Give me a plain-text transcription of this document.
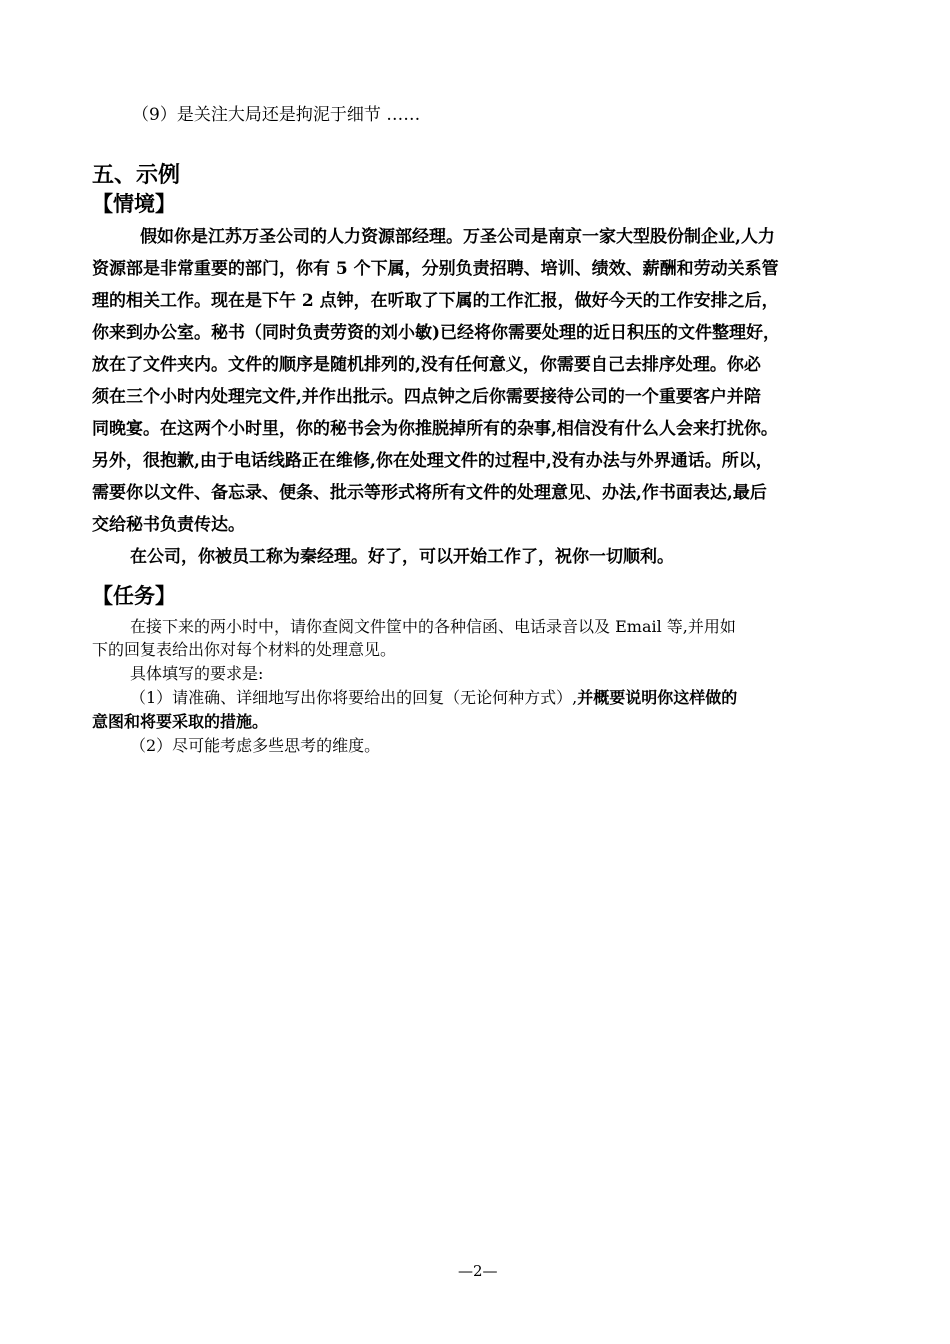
（9）是关注大局还是拘泥于细节 ……
五、示例
【情境】
假如你是江苏万圣公司的人力资源部经理。万圣公司是南京一家大型股份制企业,人力
资源部是非常重要的部门，你有 5 个下属，分别负责招聘、培训、绩效、薪酬和劳动关系管
理的相关工作。现在是下午 2 点钟，在听取了下属的工作汇报，做好今天的工作安排之后，
你来到办公室。秘书（同时负责劳资的刘小敏)已经将你需要处理的近日积压的文件整理好，
放在了文件夹内。文件的顺序是随机排列的,没有任何意义，你需要自己去排序处理。你必
须在三个小时内处理完文件,并作出批示。四点钟之后你需要接待公司的一个重要客户并陪
同晚宴。在这两个小时里，你的秘书会为你推脱掉所有的杂事,相信没有什么人会来打扰你。
另外，很抱歉,由于电话线路正在维修,你在处理文件的过程中,没有办法与外界通话。所以，
需要你以文件、备忘录、便条、批示等形式将所有文件的处理意见、办法,作书面表达,最后
交给秘书负责传达。
在公司，你被员工称为秦经理。好了，可以开始工作了，祝你一切顺利。
【任务】
在接下来的两小时中，请你查阅文件筐中的各种信函、电话录音以及 Email 等,并用如
下的回复表给出你对每个材料的处理意见。
具体填写的要求是:
（1）请准确、详细地写出你将要给出的回复（无论何种方式）,并概要说明你这样做的
意图和将要采取的措施。
（2）尽可能考虑多些思考的维度。
—2—
